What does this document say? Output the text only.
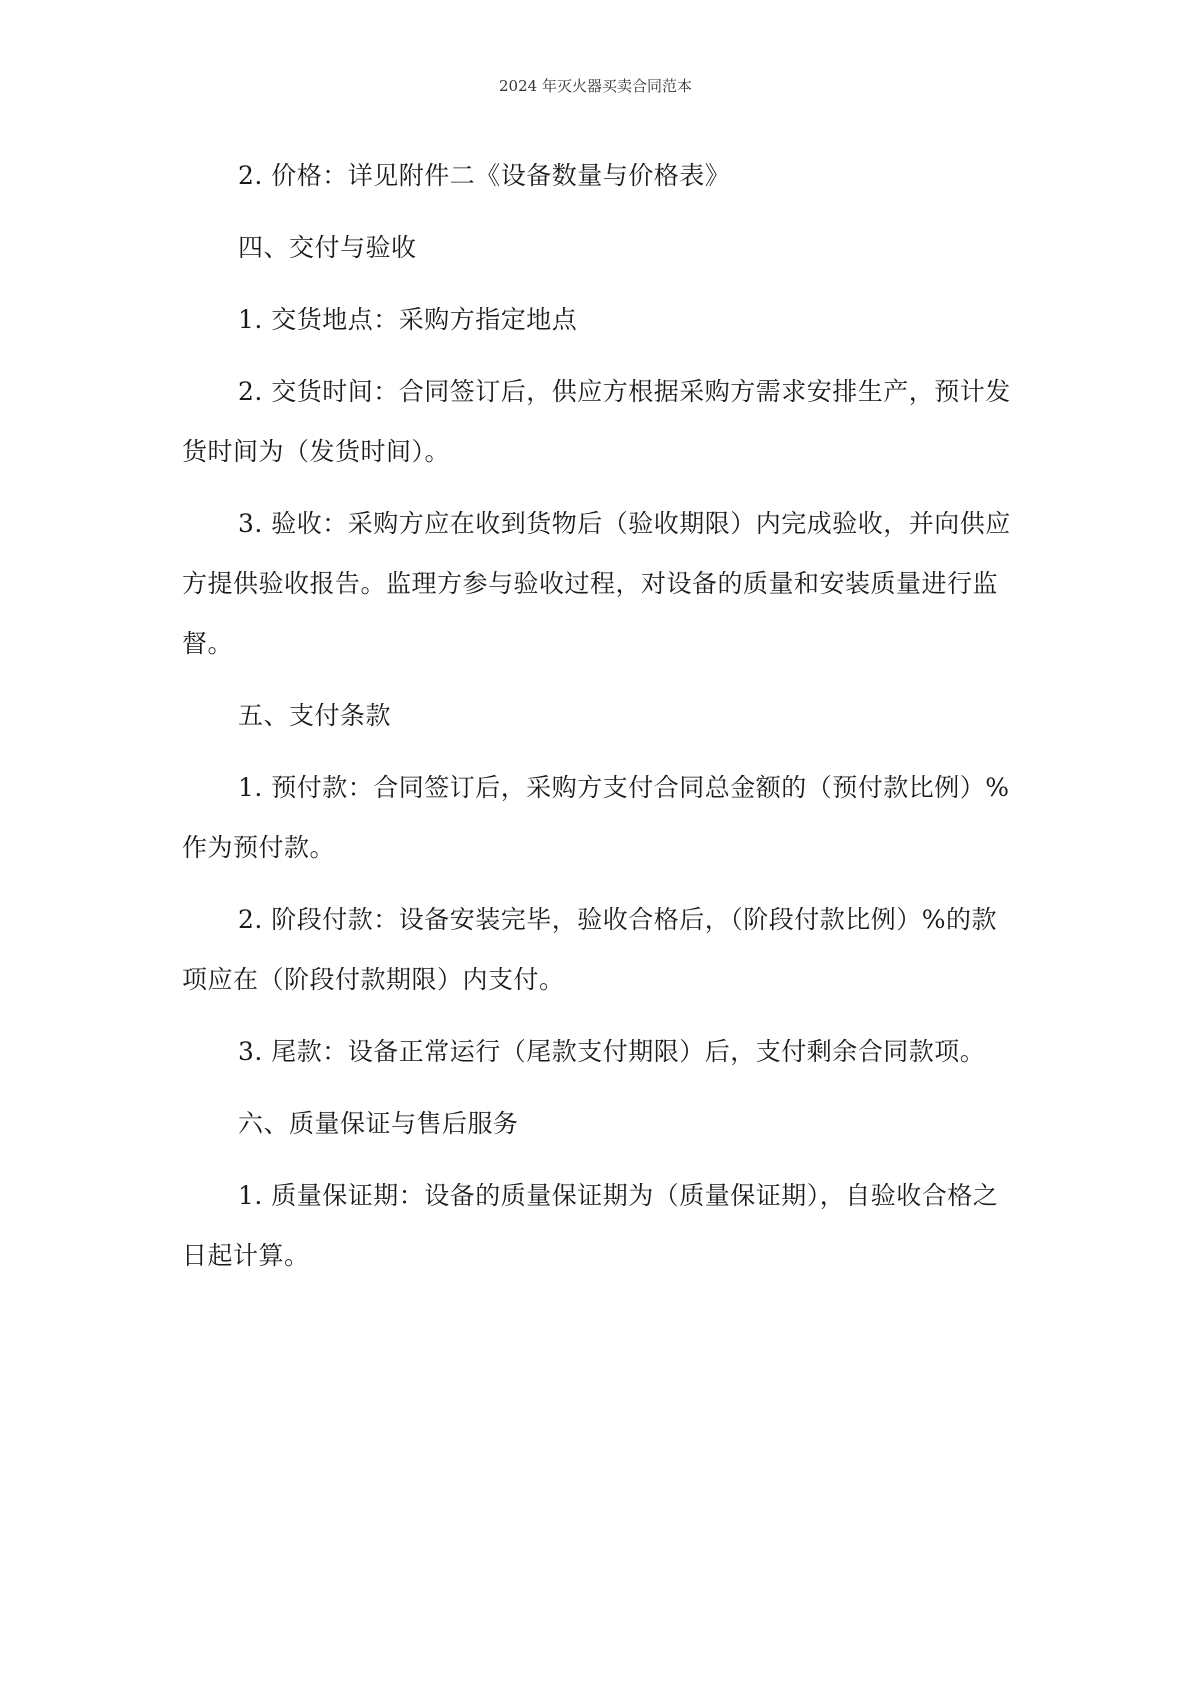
2024 年灭火器买卖合同范本

2. 价格：详见附件二《设备数量与价格表》

四、交付与验收

1. 交货地点：采购方指定地点

2. 交货时间：合同签订后，供应方根据采购方需求安排生产，预计发货时间为（发货时间）。

3. 验收：采购方应在收到货物后（验收期限）内完成验收，并向供应方提供验收报告。监理方参与验收过程，对设备的质量和安装质量进行监督。

五、支付条款

1. 预付款：合同签订后，采购方支付合同总金额的（预付款比例）%作为预付款。

2. 阶段付款：设备安装完毕，验收合格后，（阶段付款比例）%的款项应在（阶段付款期限）内支付。

3. 尾款：设备正常运行（尾款支付期限）后，支付剩余合同款项。

六、质量保证与售后服务

1. 质量保证期：设备的质量保证期为（质量保证期），自验收合格之日起计算。
